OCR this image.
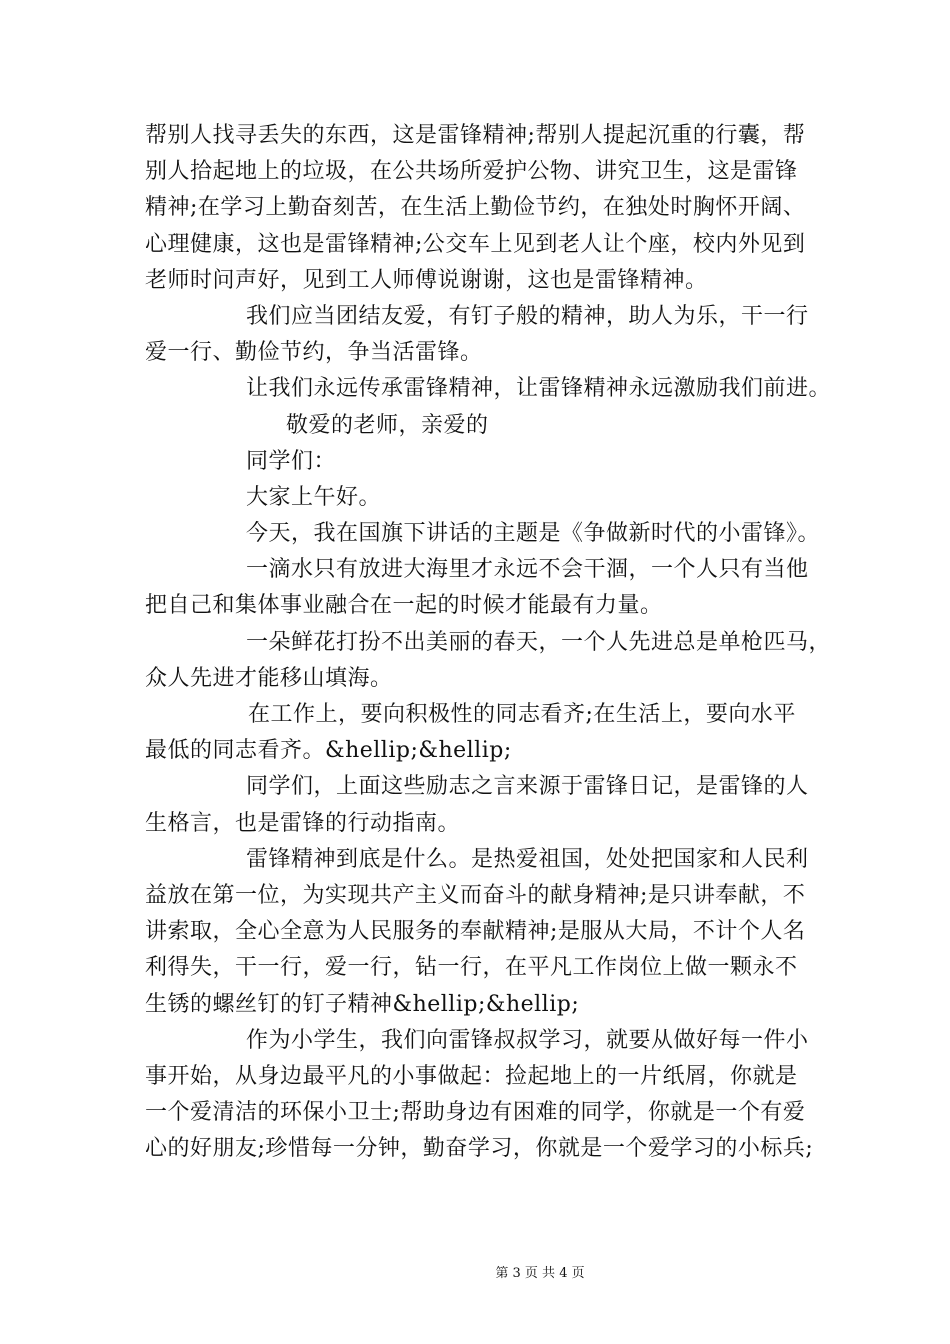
帮别人找寻丢失的东西，这是雷锋精神;帮别人提起沉重的行囊，帮
别人拾起地上的垃圾，在公共场所爱护公物、讲究卫生，这是雷锋
精神;在学习上勤奋刻苦，在生活上勤俭节约，在独处时胸怀开阔、
心理健康，这也是雷锋精神;公交车上见到老人让个座，校内外见到
老师时问声好，见到工人师傅说谢谢，这也是雷锋精神。
我们应当团结友爱，有钉子般的精神，助人为乐，干一行
爱一行、勤俭节约，争当活雷锋。
让我们永远传承雷锋精神，让雷锋精神永远激励我们前进。
敬爱的老师，亲爱的
同学们：
大家上午好。
今天，我在国旗下讲话的主题是《争做新时代的小雷锋》。
一滴水只有放进大海里才永远不会干涸，一个人只有当他
把自己和集体事业融合在一起的时候才能最有力量。
一朵鲜花打扮不出美丽的春天，一个人先进总是单枪匹马，
众人先进才能移山填海。
在工作上，要向积极性的同志看齐;在生活上，要向水平
最低的同志看齐。&hellip;&hellip;
同学们，上面这些励志之言来源于雷锋日记，是雷锋的人
生格言，也是雷锋的行动指南。
雷锋精神到底是什么。是热爱祖国，处处把国家和人民利
益放在第一位，为实现共产主义而奋斗的献身精神;是只讲奉献，不
讲索取，全心全意为人民服务的奉献精神;是服从大局，不计个人名
利得失，干一行，爱一行，钻一行，在平凡工作岗位上做一颗永不
生锈的螺丝钉的钉子精神&hellip;&hellip;
作为小学生，我们向雷锋叔叔学习，就要从做好每一件小
事开始，从身边最平凡的小事做起：捡起地上的一片纸屑，你就是
一个爱清洁的环保小卫士;帮助身边有困难的同学，你就是一个有爱
心的好朋友;珍惜每一分钟，勤奋学习，你就是一个爱学习的小标兵;
第 3 页 共 4 页
